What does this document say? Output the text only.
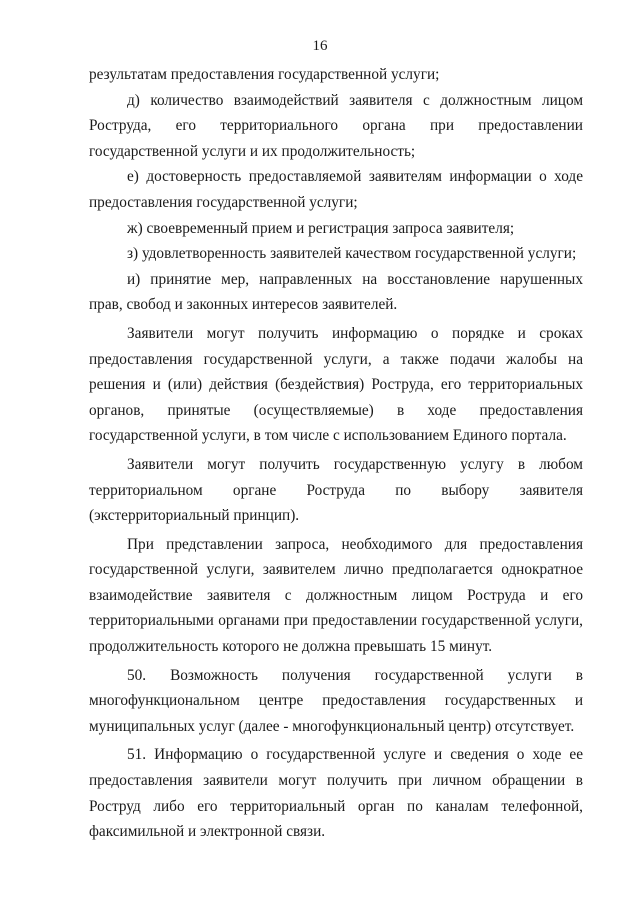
16

результатам предоставления государственной услуги;

д) количество взаимодействий заявителя с должностным лицом Роструда, его территориального органа при предоставлении государственной услуги и их продолжительность;

е) достоверность предоставляемой заявителям информации о ходе предоставления государственной услуги;

ж) своевременный прием и регистрация запроса заявителя;

з) удовлетворенность заявителей качеством государственной услуги;

и) принятие мер, направленных на восстановление нарушенных прав, свобод и законных интересов заявителей.

Заявители могут получить информацию о порядке и сроках предоставления государственной услуги, а также подачи жалобы на решения и (или) действия (бездействия) Роструда, его территориальных органов, принятые (осуществляемые) в ходе предоставления государственной услуги, в том числе с использованием Единого портала.

Заявители могут получить государственную услугу в любом территориальном органе Роструда по выбору заявителя (экстерриториальный принцип).

При представлении запроса, необходимого для предоставления государственной услуги, заявителем лично предполагается однократное взаимодействие заявителя с должностным лицом Роструда и его территориальными органами при предоставлении государственной услуги, продолжительность которого не должна превышать 15 минут.

50. Возможность получения государственной услуги в многофункциональном центре предоставления государственных и муниципальных услуг (далее - многофункциональный центр) отсутствует.

51. Информацию о государственной услуге и сведения о ходе ее предоставления заявители могут получить при личном обращении в Роструд либо его территориальный орган по каналам телефонной, факсимильной и электронной связи.
